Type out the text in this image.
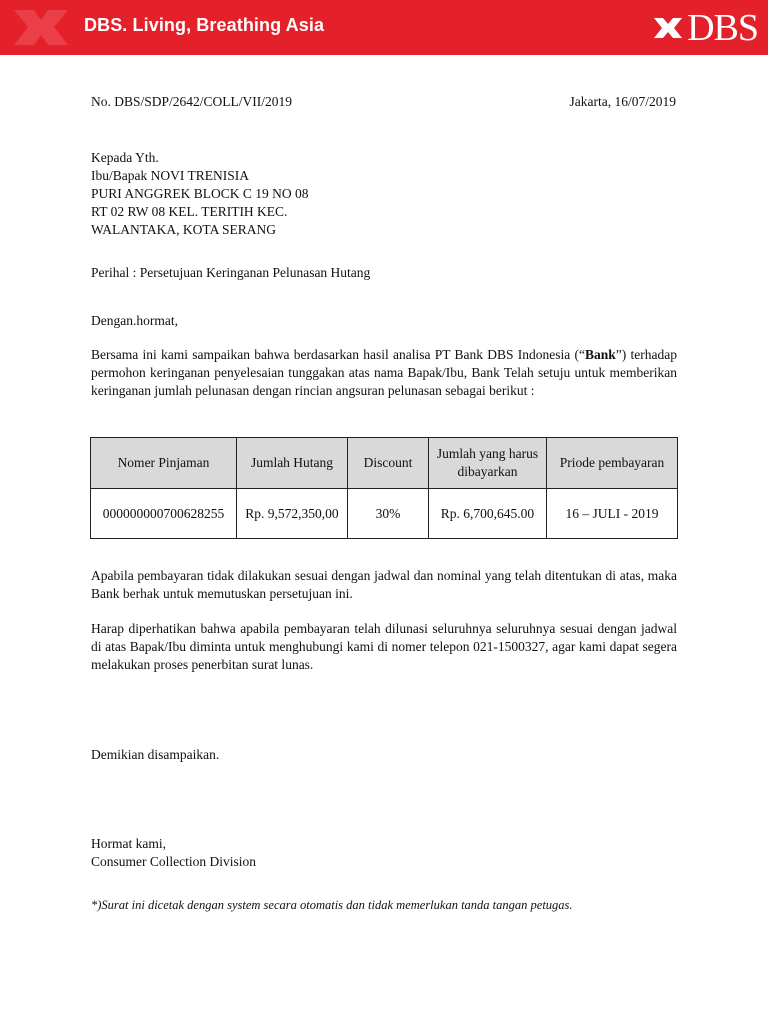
DBS. Living, Breathing Asia	DBS
No. DBS/SDP/2642/COLL/VII/2019	Jakarta, 16/07/2019
Kepada Yth.
Ibu/Bapak NOVI TRENISIA
PURI ANGGREK BLOCK C 19 NO 08
RT 02 RW 08 KEL. TERITIH KEC.
WALANTAKA, KOTA SERANG
Perihal : Persetujuan Keringanan Pelunasan Hutang
Dengan.hormat,
Bersama ini kami sampaikan bahwa berdasarkan hasil analisa PT Bank DBS Indonesia (“Bank”) terhadap permohon keringanan penyelesaian tunggakan atas nama Bapak/Ibu, Bank Telah setuju untuk memberikan keringanan jumlah pelunasan dengan rincian angsuran pelunasan sebagai berikut :
Nomer Pinjaman	Jumlah Hutang	Discount	Jumlah yang harus dibayarkan	Priode pembayaran
000000000700628255	Rp. 9,572,350,00	30%	Rp. 6,700,645.00	16 – JULI - 2019
Apabila pembayaran tidak dilakukan sesuai dengan jadwal dan nominal yang telah ditentukan di atas, maka Bank berhak untuk memutuskan persetujuan ini.
Harap diperhatikan bahwa apabila pembayaran telah dilunasi seluruhnya seluruhnya sesuai dengan jadwal di atas Bapak/Ibu diminta untuk menghubungi kami di nomer telepon 021-1500327, agar kami dapat segera melakukan proses penerbitan surat lunas.
Demikian disampaikan.
Hormat kami,
Consumer Collection Division
*)Surat ini dicetak dengan system secara otomatis dan tidak memerlukan tanda tangan petugas.
